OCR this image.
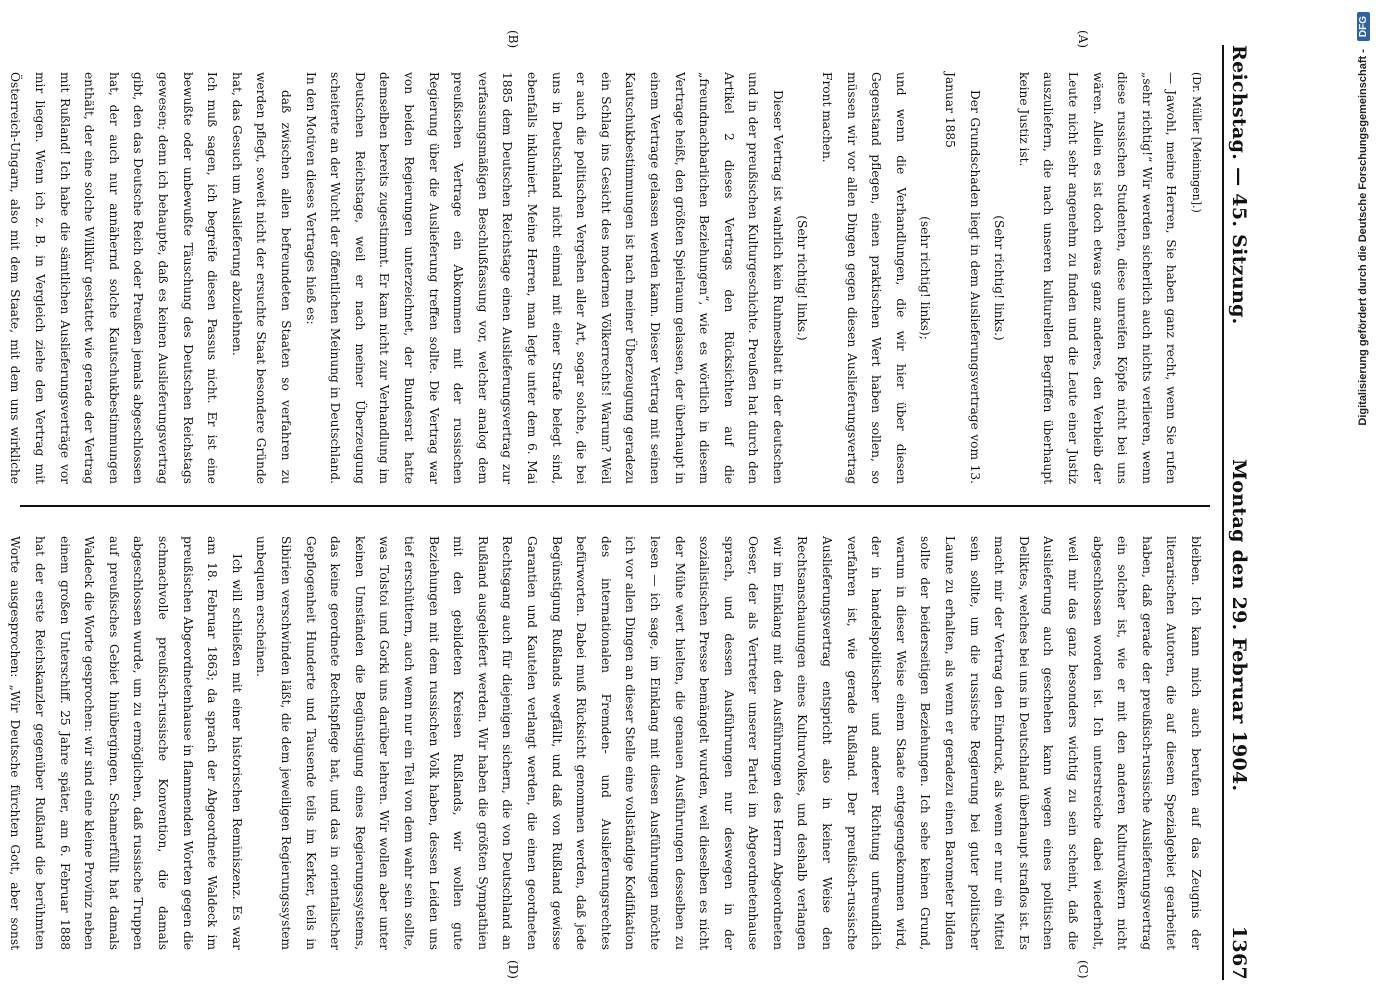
Reichstag. — 45. Sitzung.
Montag den 29. Februar 1904.
1367
(A)
(B)
(C)
(D)

(Dr. Müller [Meiningen].)

— Jawohl, meine Herren, Sie haben ganz recht, wenn Sie rufen „sehr richtig!“ Wir werden sicherlich auch nichts verlieren, wenn diese russischen Studenten, diese unreifen Köpfe nicht bei uns wären. Allein es ist doch etwas ganz anderes, den Verbleib der Leute nicht sehr angenehm zu finden und die Leute einer Justiz auszuliefern, die nach unseren kulturellen Begriffen überhaupt keine Justiz ist.

(Sehr richtig! links.)

Der Grundschaden liegt in dem Auslieferungsvertrage vom 13. Januar 1885

(sehr richtig! links);

und wenn die Verhandlungen, die wir hier über diesen Gegenstand pflegen, einen praktischen Wert haben sollen, so müssen wir vor allen Dingen gegen diesen Auslieferungsvertrag Front machen.

(Sehr richtig! links.)

Dieser Vertrag ist wahrlich kein Ruhmesblatt in der deutschen und in der preußischen Kulturgeschichte. Preußen hat durch den Artikel 2 dieses Vertrags den Rücksichten auf die „freundnachbarlichen Beziehungen“, wie es wörtlich in diesem Vertrage heißt, den größten Spielraum gelassen, der überhaupt in einem Vertrage gelassen werden kann. Dieser Vertrag mit seinen Kautschukbestimmungen ist nach meiner Überzeugung geradezu ein Schlag ins Gesicht des modernen Völkerrechts! Warum? Weil er auch die politischen Vergehen aller Art, sogar solche, die bei uns in Deutschland nicht einmal mit einer Strafe belegt sind, ebenfalls inkluniert. Meine Herren, man legte unter dem 6. Mai 1885 dem Deutschen Reichstage einen Auslieferungsvertrag zur verfassungsmäßigen Beschlußfassung vor, welcher analog dem preußischen Vertrage ein Abkommen mit der russischen Regierung über die Auslieferung treffen sollte. Die Vertrag war von beiden Regierungen unterzeichnet, der Bundesrat hatte demselben bereits zugestimmt. Er kam nicht zur Verhandlung im Deutschen Reichstage, weil er nach meiner Überzeugung scheiterte an der Wucht der öffentlichen Meinung in Deutschland. In den Motiven dieses Vertrages hieß es:

daß zwischen allen befreundeten Staaten so verfahren zu werden pflegt, soweit nicht der ersuchte Staat besondere Gründe hat, das Gesuch um Auslieferung abzulehnen.

Ich muß sagen, ich begreife diesen Passus nicht. Er ist eine bewußte oder unbewußte Täuschung des Deutschen Reichstags gewesen; denn ich behaupte, daß es keinen Auslieferungsvertrag gibt, den das Deutsche Reich oder Preußen jemals abgeschlossen hat, der auch nur annähernd solche Kautschukbestimmungen enthält, der eine solche Willkür gestattet wie gerade der Vertrag mit Rußland! Ich habe die sämtlichen Auslieferungsverträge vor mir liegen. Wenn ich z. B. in Vergleich ziehe den Vertrag mit Österreich-Ungarn, also mit dem Staate, mit dem uns wirkliche

bleiben. Ich kann mich auch berufen auf das Zeugnis der literarischen Autoren, die auf diesem Spezialgebiet gearbeitet haben, daß gerade der preußisch-russische Auslieferungsvertrag ein solcher ist, wie er mit den anderen Kulturvölkern nicht abgeschlossen worden ist. Ich unterstreiche dabei wiederholt, weil mir das ganz besonders wichtig zu sein scheint, daß die Auslieferung auch geschehen kann wegen eines politischen Deliktes, welches bei uns in Deutschland überhaupt straflos ist. Es macht mir der Vertrag den Eindruck, als wenn er nur ein Mittel sein sollte, um die russische Regierung bei guter politischer Laune zu erhalten, als wenn er geradezu einen Barometer bilden sollte der beiderseitigen Beziehungen. Ich sehe keinen Grund, warum in dieser Weise einem Staate entgegengekommen wird, der in handelspolitischer und anderer Richtung unfreundlich verfahren ist, wie gerade Rußland. Der preußisch-russische Auslieferungsvertrag entspricht also in keiner Weise den Rechtsanschauungen eines Kulturvolkes, und deshalb verlangen wir im Einklang mit den Ausführungen des Herrn Abgeordneten Oeser, der als Vertreter unserer Partei im Abgeordnetenhause sprach, und dessen Ausführungen nur deswegen in der sozialistischen Presse bemängelt wurden, weil dieselben es nicht der Mühe wert hielten, die genauen Ausführungen desselben zu lesen — ich sage, im Einklang mit diesen Ausführungen möchte ich vor allen Dingen an dieser Stelle eine vollständige Kodifikation des internationalen Fremden- und Auslieferungsrechtes befürworten. Dabei muß Rücksicht genommen werden, daß jede Begünstigung Rußlands wegfällt, und daß von Rußland gewisse Garantien und Kautelen verlangt werden, die einen geordneten Rechtsgang auch für diejenigen sichern, die von Deutschland an Rußland ausgeliefert werden. Wir haben die größten Sympathien mit den gebildeten Kreisen Rußlands, wir wollen gute Beziehungen mit dem russischen Volk haben, dessen Leiden uns tief erschüttern, auch wenn nur ein Teil von dem wahr sein sollte, was Tolstoi und Gorki uns darüber lehren. Wir wollen aber unter keinen Umständen die Begünstigung eines Regierungssystems, das keine geordnete Rechtspflege hat, und das in orientalischer Gepflogenheit Hunderte und Tausende teils im Kerker, teils in Sibirien verschwinden läßt, die dem jeweiligen Regierungssystem unbequem erscheinen.

Ich will schließen mit einer historischen Reminiszenz. Es war am 18. Februar 1863; da sprach der Abgeordnete Waldeck im preußischen Abgeordnetenhause in flammenden Worten gegen die schmachvolle preußisch-russische Konvention, die damals abgeschlossen wurde, um zu ermöglichen, daß russische Truppen auf preußisches Gebiet hinübergingen. Schamerfüllt hat damals Waldeck die Worte gesprochen: wir sind eine kleine Provinz neben einem großen Unterschiff. 25 Jahre später, am 6. Februar 1888 hat der erste Reichskanzler gegenüber Rußland die berühmten Worte ausgesprochen: „Wir Deutsche fürchten Gott, aber sonst

Digitalisierung gefördert durch die Deutsche Forschungsgemeinschaft -
DFG
